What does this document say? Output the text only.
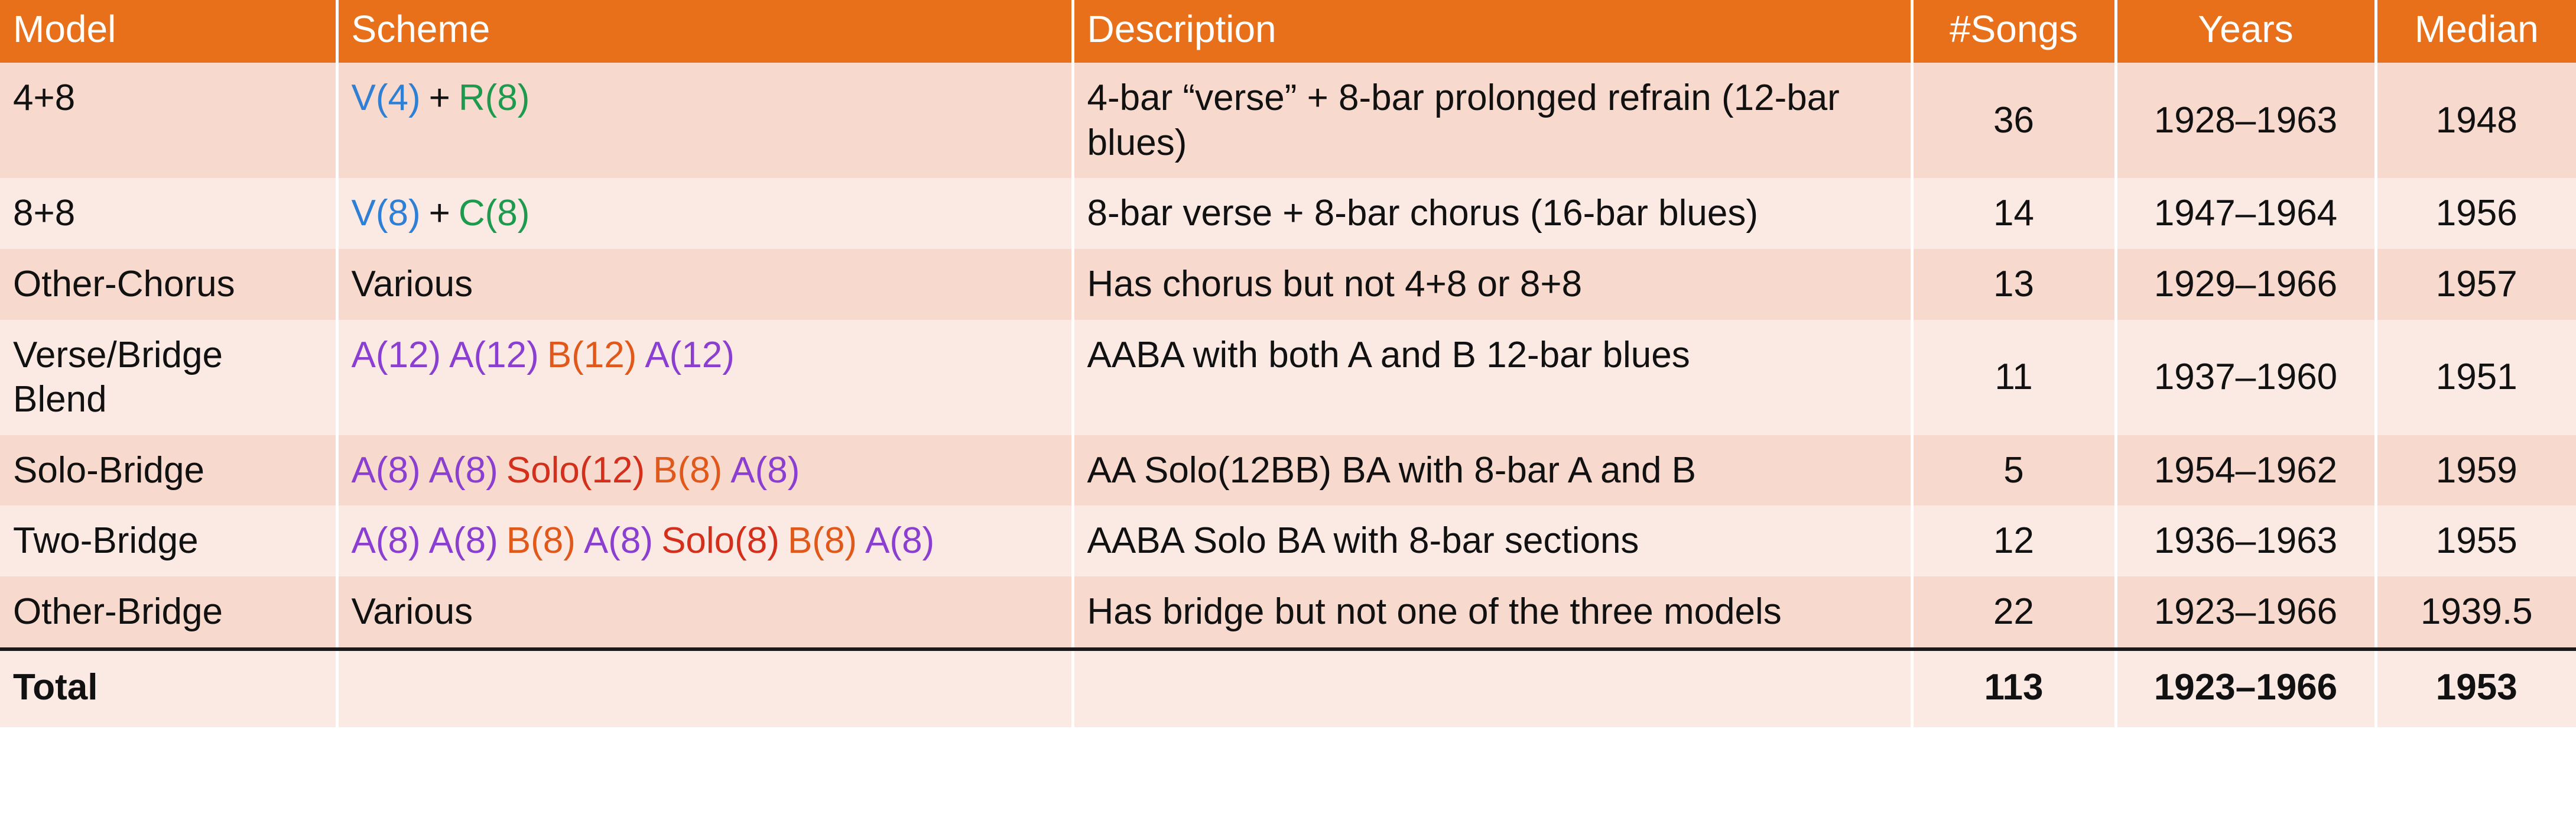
Model	Scheme	Description	#Songs	Years	Median
4+8	V(4) + R(8)	4-bar “verse” + 8-bar prolonged refrain (12-bar blues)	36	1928–1963	1948
8+8	V(8) + C(8)	8-bar verse + 8-bar chorus (16-bar blues)	14	1947–1964	1956
Other-Chorus	Various	Has chorus but not 4+8 or 8+8	13	1929–1966	1957
Verse/Bridge Blend	A(12) A(12) B(12) A(12)	AABA with both A and B 12-bar blues	11	1937–1960	1951
Solo-Bridge	A(8) A(8) Solo(12) B(8) A(8)	AA Solo(12BB) BA with 8-bar A and B	5	1954–1962	1959
Two-Bridge	A(8) A(8) B(8) A(8) Solo(8) B(8) A(8)	AABA Solo BA with 8-bar sections	12	1936–1963	1955
Other-Bridge	Various	Has bridge but not one of the three models	22	1923–1966	1939.5
Total			113	1923–1966	1953
